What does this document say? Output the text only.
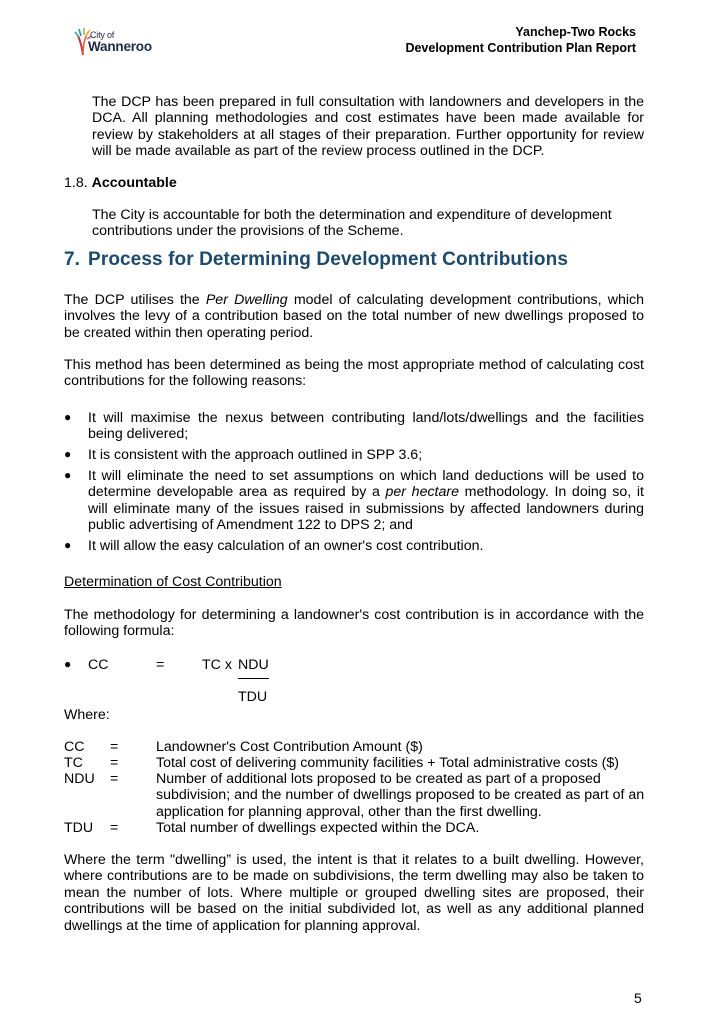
City of
Wanneroo
Yanchep-Two Rocks
Development Contribution Plan Report
The DCP has been prepared in full consultation with landowners and developers in the DCA. All planning methodologies and cost estimates have been made available for review by stakeholders at all stages of their preparation. Further opportunity for review will be made available as part of the review process outlined in the DCP.
1.8. Accountable
The City is accountable for both the determination and expenditure of development contributions under the provisions of the Scheme.
7. Process for Determining Development Contributions
The DCP utilises the Per Dwelling model of calculating development contributions, which involves the levy of a contribution based on the total number of new dwellings proposed to be created within then operating period.
This method has been determined as being the most appropriate method of calculating cost contributions for the following reasons:
● It will maximise the nexus between contributing land/lots/dwellings and the facilities being delivered;
● It is consistent with the approach outlined in SPP 3.6;
● It will eliminate the need to set assumptions on which land deductions will be used to determine developable area as required by a per hectare methodology. In doing so, it will eliminate many of the issues raised in submissions by affected landowners during public advertising of Amendment 122 to DPS 2; and
● It will allow the easy calculation of an owner's cost contribution.
Determination of Cost Contribution
The methodology for determining a landowner's cost contribution is in accordance with the following formula:
● CC	=	TC x NDU
TDU
Where:
CC	=	Landowner's Cost Contribution Amount ($)
TC	=	Total cost of delivering community facilities + Total administrative costs ($)
NDU	=	Number of additional lots proposed to be created as part of a proposed subdivision; and the number of dwellings proposed to be created as part of an application for planning approval, other than the first dwelling.
TDU	=	Total number of dwellings expected within the DCA.
Where the term "dwelling” is used, the intent is that it relates to a built dwelling. However, where contributions are to be made on subdivisions, the term dwelling may also be taken to mean the number of lots. Where multiple or grouped dwelling sites are proposed, their contributions will be based on the initial subdivided lot, as well as any additional planned dwellings at the time of application for planning approval.
5
